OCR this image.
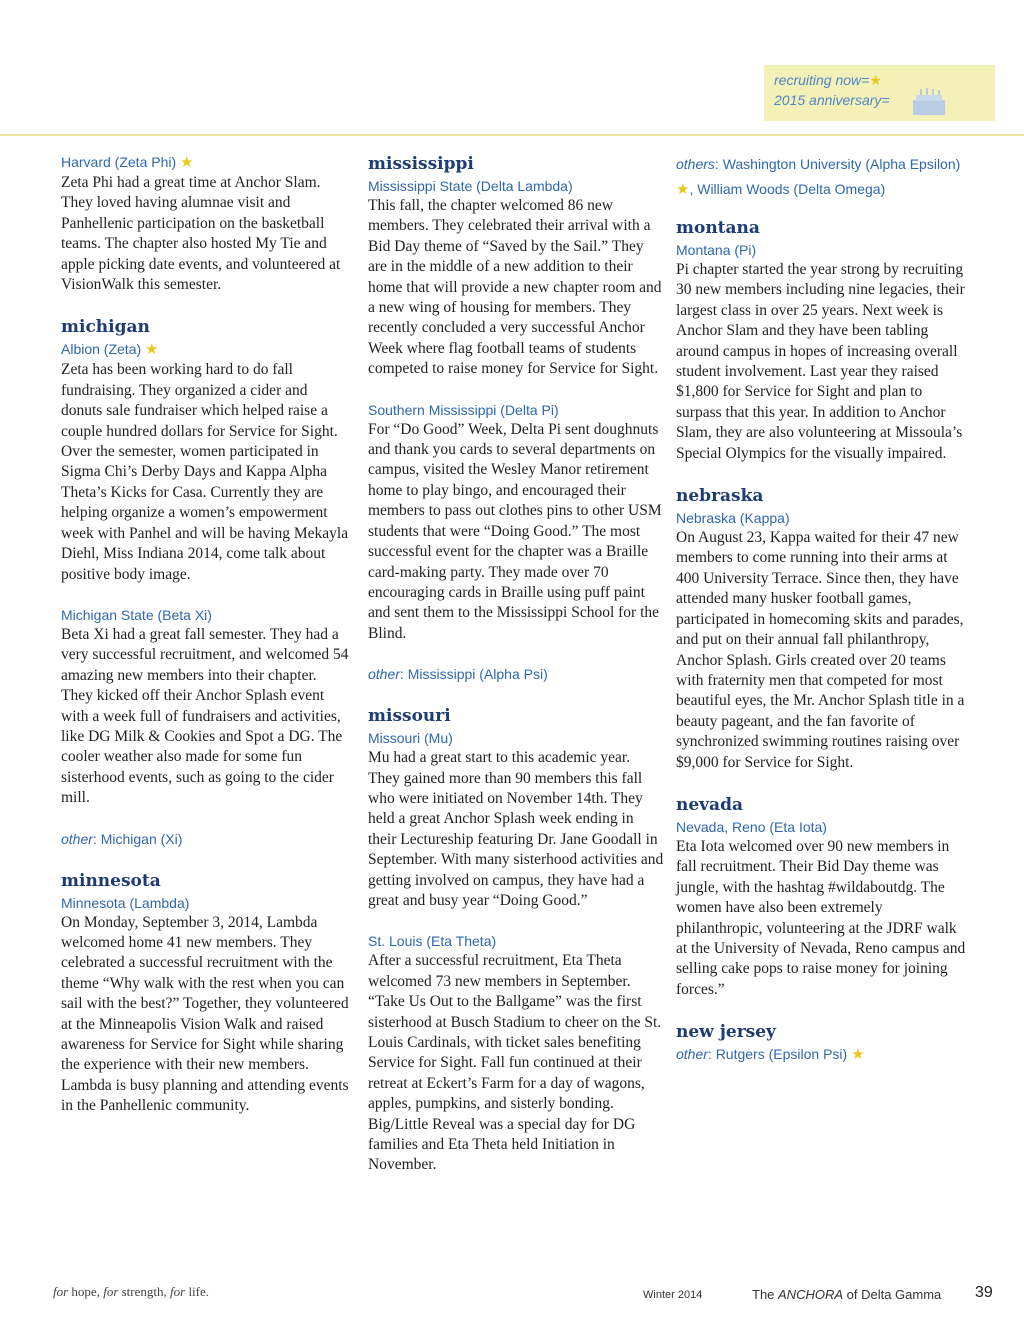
recruiting now=★
2015 anniversary=

Harvard (Zeta Phi) ★

Zeta Phi had a great time at Anchor Slam. They loved having alumnae visit and Panhellenic participation on the basketball teams. The chapter also hosted My Tie and apple picking date events, and volunteered at VisionWalk this semester.

michigan

Albion (Zeta) ★

Zeta has been working hard to do fall fundraising. They organized a cider and donuts sale fundraiser which helped raise a couple hundred dollars for Service for Sight. Over the semester, women participated in Sigma Chi’s Derby Days and Kappa Alpha Theta’s Kicks for Casa. Currently they are helping organize a women’s empowerment week with Panhel and will be having Mekayla Diehl, Miss Indiana 2014, come talk about positive body image.

Michigan State (Beta Xi)

Beta Xi had a great fall semester. They had a very successful recruitment, and welcomed 54 amazing new members into their chapter. They kicked off their Anchor Splash event with a week full of fundraisers and activities, like DG Milk & Cookies and Spot a DG. The cooler weather also made for some fun sisterhood events, such as going to the cider mill.

other: Michigan (Xi)

minnesota

Minnesota (Lambda)

On Monday, September 3, 2014, Lambda welcomed home 41 new members. They celebrated a successful recruitment with the theme “Why walk with the rest when you can sail with the best?” Together, they volunteered at the Minneapolis Vision Walk and raised awareness for Service for Sight while sharing the experience with their new members. Lambda is busy planning and attending events in the Panhellenic community.

mississippi

Mississippi State (Delta Lambda)

This fall, the chapter welcomed 86 new members. They celebrated their arrival with a Bid Day theme of “Saved by the Sail.” They are in the middle of a new addition to their home that will provide a new chapter room and a new wing of housing for members. They recently concluded a very successful Anchor Week where flag football teams of students competed to raise money for Service for Sight.

Southern Mississippi (Delta Pi)

For “Do Good” Week, Delta Pi sent doughnuts and thank you cards to several departments on campus, visited the Wesley Manor retirement home to play bingo, and encouraged their members to pass out clothes pins to other USM students that were “Doing Good.” The most successful event for the chapter was a Braille card-making party. They made over 70 encouraging cards in Braille using puff paint and sent them to the Mississippi School for the Blind.

other: Mississippi (Alpha Psi)

missouri

Missouri (Mu)

Mu had a great start to this academic year. They gained more than 90 members this fall who were initiated on November 14th. They held a great Anchor Splash week ending in their Lectureship featuring Dr. Jane Goodall in September. With many sisterhood activities and getting involved on campus, they have had a great and busy year “Doing Good.”

St. Louis (Eta Theta)

After a successful recruitment, Eta Theta welcomed 73 new members in September. “Take Us Out to the Ballgame” was the first sisterhood at Busch Stadium to cheer on the St. Louis Cardinals, with ticket sales benefiting Service for Sight. Fall fun continued at their retreat at Eckert’s Farm for a day of wagons, apples, pumpkins, and sisterly bonding. Big/Little Reveal was a special day for DG families and Eta Theta held Initiation in November.

others: Washington University (Alpha Epsilon) ★, William Woods (Delta Omega)

montana

Montana (Pi)

Pi chapter started the year strong by recruiting 30 new members including nine legacies, their largest class in over 25 years. Next week is Anchor Slam and they have been tabling around campus in hopes of increasing overall student involvement. Last year they raised $1,800 for Service for Sight and plan to surpass that this year. In addition to Anchor Slam, they are also volunteering at Missoula’s Special Olympics for the visually impaired.

nebraska

Nebraska (Kappa)

On August 23, Kappa waited for their 47 new members to come running into their arms at 400 University Terrace. Since then, they have attended many husker football games, participated in homecoming skits and parades, and put on their annual fall philanthropy, Anchor Splash. Girls created over 20 teams with fraternity men that competed for most beautiful eyes, the Mr. Anchor Splash title in a beauty pageant, and the fan favorite of synchronized swimming routines raising over $9,000 for Service for Sight.

nevada

Nevada, Reno (Eta Iota)

Eta Iota welcomed over 90 new members in fall recruitment. Their Bid Day theme was jungle, with the hashtag #wildaboutdg. The women have also been extremely philanthropic, volunteering at the JDRF walk at the University of Nevada, Reno campus and selling cake pops to raise money for joining forces.”

new jersey

other: Rutgers (Epsilon Psi) ★

for hope, for strength, for life.	Winter 2014	The ANCHORA of Delta Gamma 39
